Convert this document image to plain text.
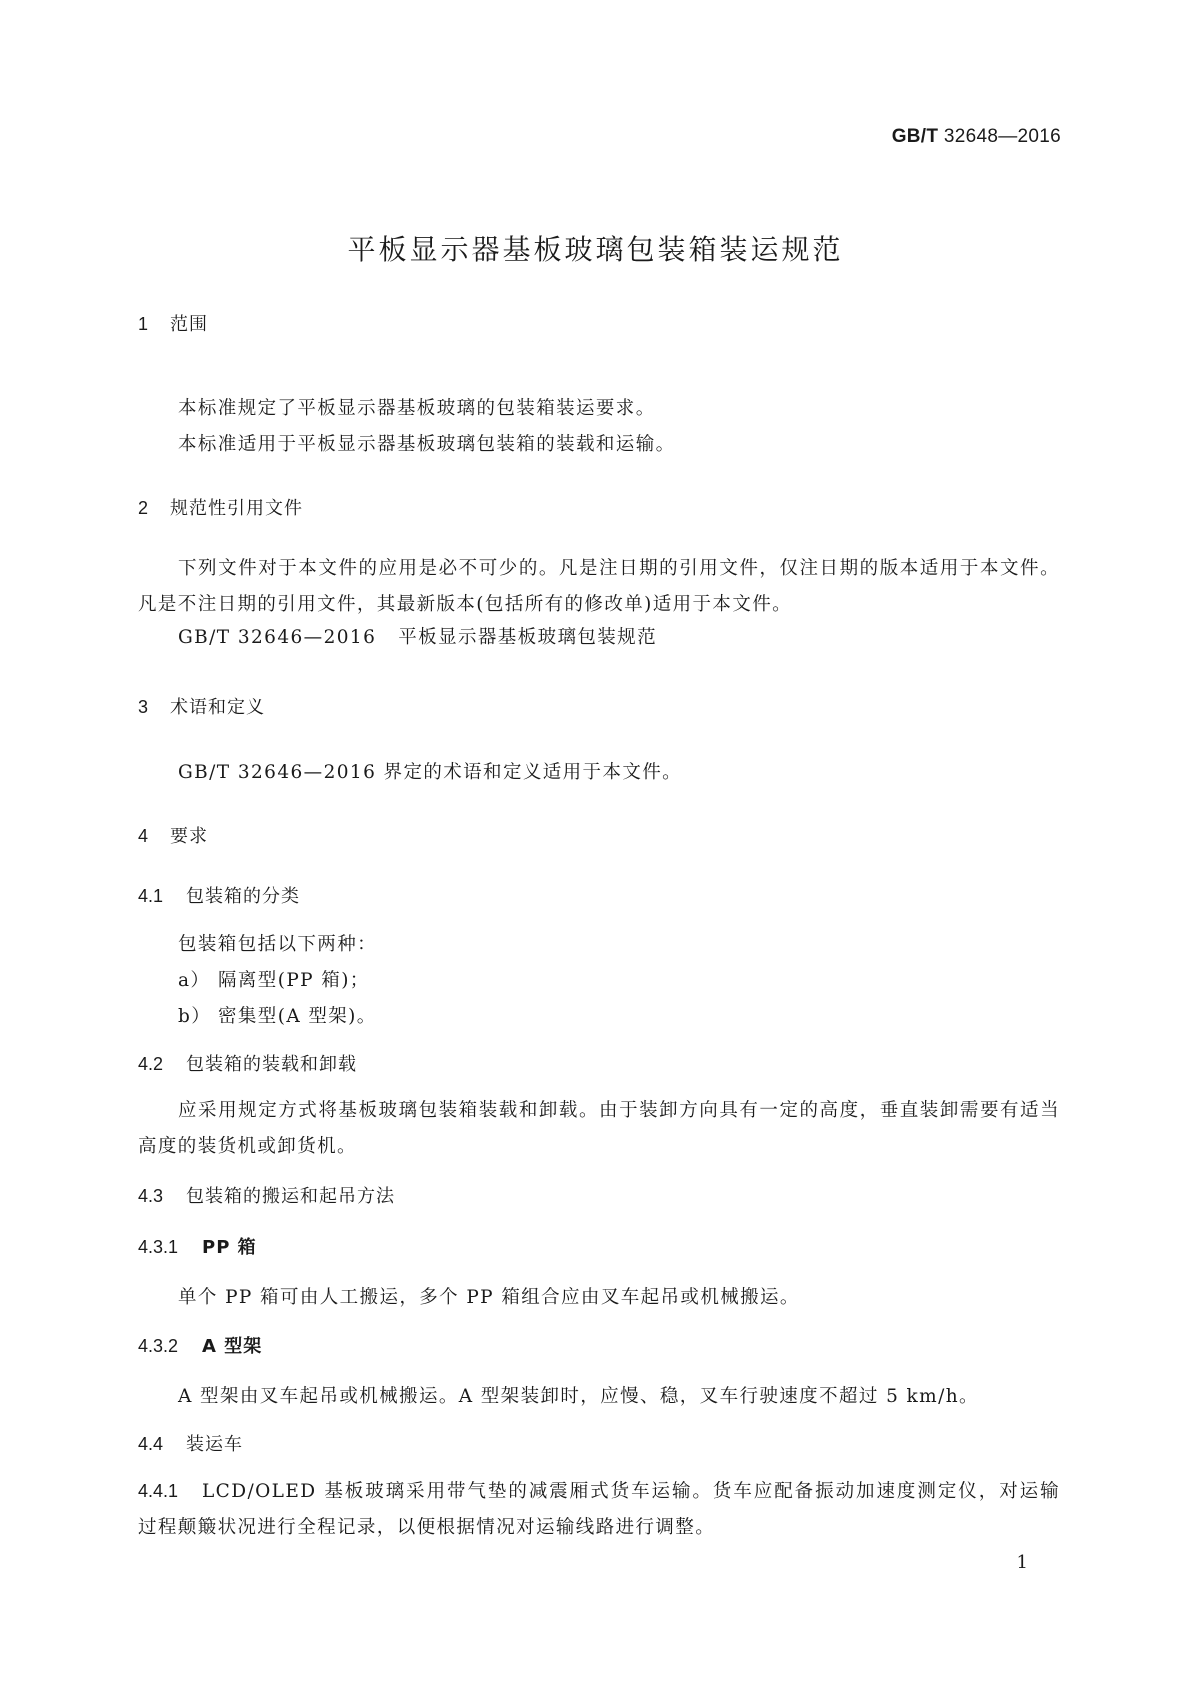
GB/T 32648—2016
平板显示器基板玻璃包装箱装运规范
1 范围
本标准规定了平板显示器基板玻璃的包装箱装运要求。
本标准适用于平板显示器基板玻璃包装箱的装载和运输。
2 规范性引用文件
下列文件对于本文件的应用是必不可少的。凡是注日期的引用文件，仅注日期的版本适用于本文件。凡是不注日期的引用文件，其最新版本(包括所有的修改单)适用于本文件。
GB/T 32646—2016 平板显示器基板玻璃包装规范
3 术语和定义
GB/T 32646—2016 界定的术语和定义适用于本文件。
4 要求
4.1 包装箱的分类
包装箱包括以下两种：
a） 隔离型(PP 箱)；
b） 密集型(A 型架)。
4.2 包装箱的装载和卸载
应采用规定方式将基板玻璃包装箱装载和卸载。由于装卸方向具有一定的高度，垂直装卸需要有适当高度的装货机或卸货机。
4.3 包装箱的搬运和起吊方法
4.3.1 PP 箱
单个 PP 箱可由人工搬运，多个 PP 箱组合应由叉车起吊或机械搬运。
4.3.2 A 型架
A 型架由叉车起吊或机械搬运。A 型架装卸时，应慢、稳，叉车行驶速度不超过 5 km/h。
4.4 装运车
4.4.1 LCD/OLED 基板玻璃采用带气垫的减震厢式货车运输。货车应配备振动加速度测定仪，对运输过程颠簸状况进行全程记录，以便根据情况对运输线路进行调整。
1
